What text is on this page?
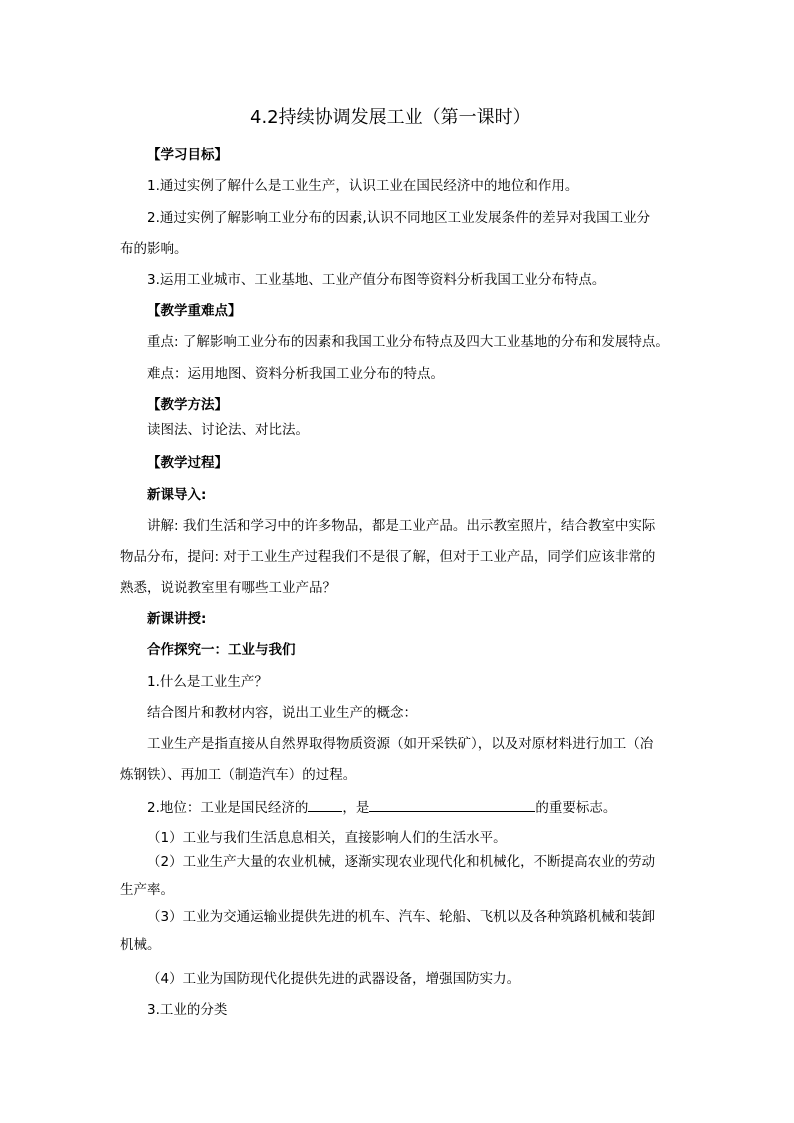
4.2持续协调发展工业（第一课时）
【学习目标】
1.通过实例了解什么是工业生产，认识工业在国民经济中的地位和作用。
2.通过实例了解影响工业分布的因素,认识不同地区工业发展条件的差异对我国工业分
布的影响。
3.运用工业城市、工业基地、工业产值分布图等资料分析我国工业分布特点。
【教学重难点】
重点: 了解影响工业分布的因素和我国工业分布特点及四大工业基地的分布和发展特点。
难点：运用地图、资料分析我国工业分布的特点。
【教学方法】
读图法、讨论法、对比法。
【教学过程】
新课导入:
讲解: 我们生活和学习中的许多物品，都是工业产品。出示教室照片，结合教室中实际
物品分布，提问: 对于工业生产过程我们不是很了解，但对于工业产品，同学们应该非常的
熟悉，说说教室里有哪些工业产品？
新课讲授:
合作探究一：工业与我们
1.什么是工业生产？
结合图片和教材内容，说出工业生产的概念：
工业生产是指直接从自然界取得物质资源（如开采铁矿），以及对原材料进行加工（冶
炼钢铁）、再加工（制造汽车）的过程。
2.地位：工业是国民经济的	，是	的重要标志。
（1）工业与我们生活息息相关，直接影响人们的生活水平。
（2）工业生产大量的农业机械，逐渐实现农业现代化和机械化，不断提高农业的劳动
生产率。
（3）工业为交通运输业提供先进的机车、汽车、轮船、飞机以及各种筑路机械和装卸
机械。
（4）工业为国防现代化提供先进的武器设备，增强国防实力。
3.工业的分类
